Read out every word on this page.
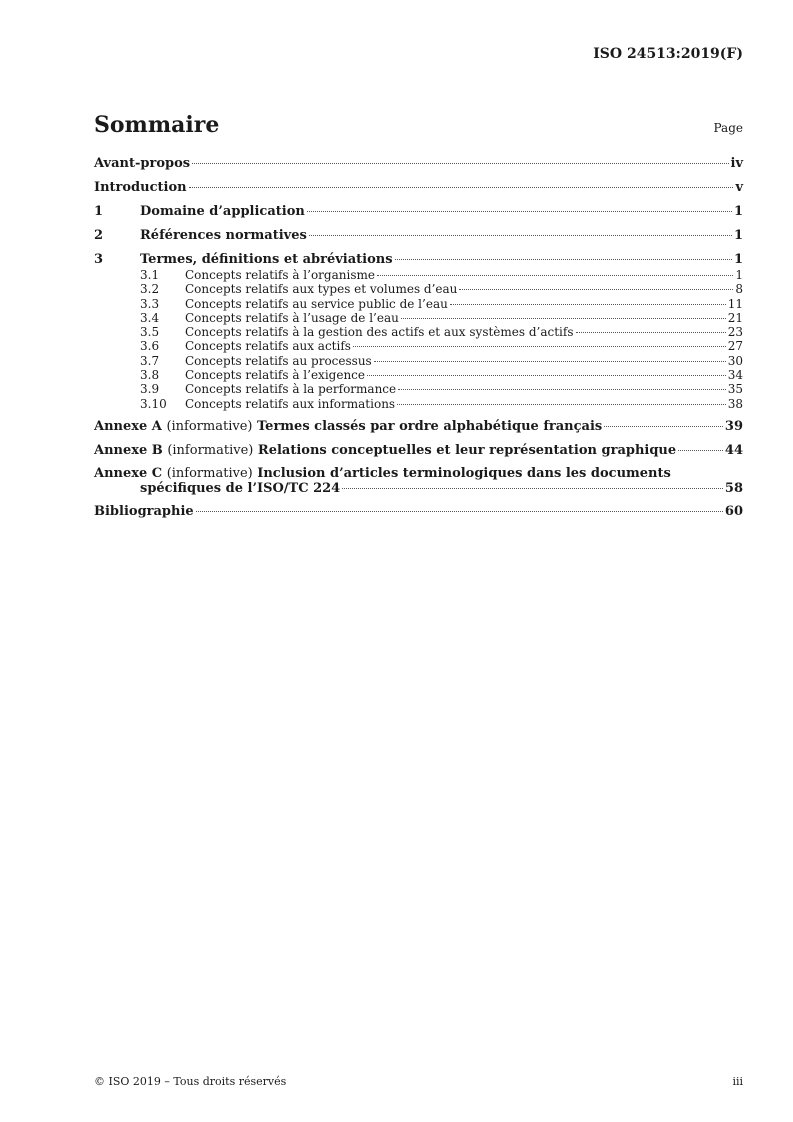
ISO 24513:2019(F)
Sommaire	Page
Avant-propos	iv
Introduction	v
1	Domaine d’application	1
2	Références normatives	1
3	Termes, définitions et abréviations	1
3.1	Concepts relatifs à l’organisme	1
3.2	Concepts relatifs aux types et volumes d’eau	8
3.3	Concepts relatifs au service public de l’eau	11
3.4	Concepts relatifs à l’usage de l’eau	21
3.5	Concepts relatifs à la gestion des actifs et aux systèmes d’actifs	23
3.6	Concepts relatifs aux actifs	27
3.7	Concepts relatifs au processus	30
3.8	Concepts relatifs à l’exigence	34
3.9	Concepts relatifs à la performance	35
3.10	Concepts relatifs aux informations	38
Annexe A (informative) Termes classés par ordre alphabétique français	39
Annexe B (informative) Relations conceptuelles et leur représentation graphique	44
Annexe C (informative) Inclusion d’articles terminologiques dans les documents
spécifiques de l’ISO/TC 224	58
Bibliographie	60
© ISO 2019 – Tous droits réservés	iii
